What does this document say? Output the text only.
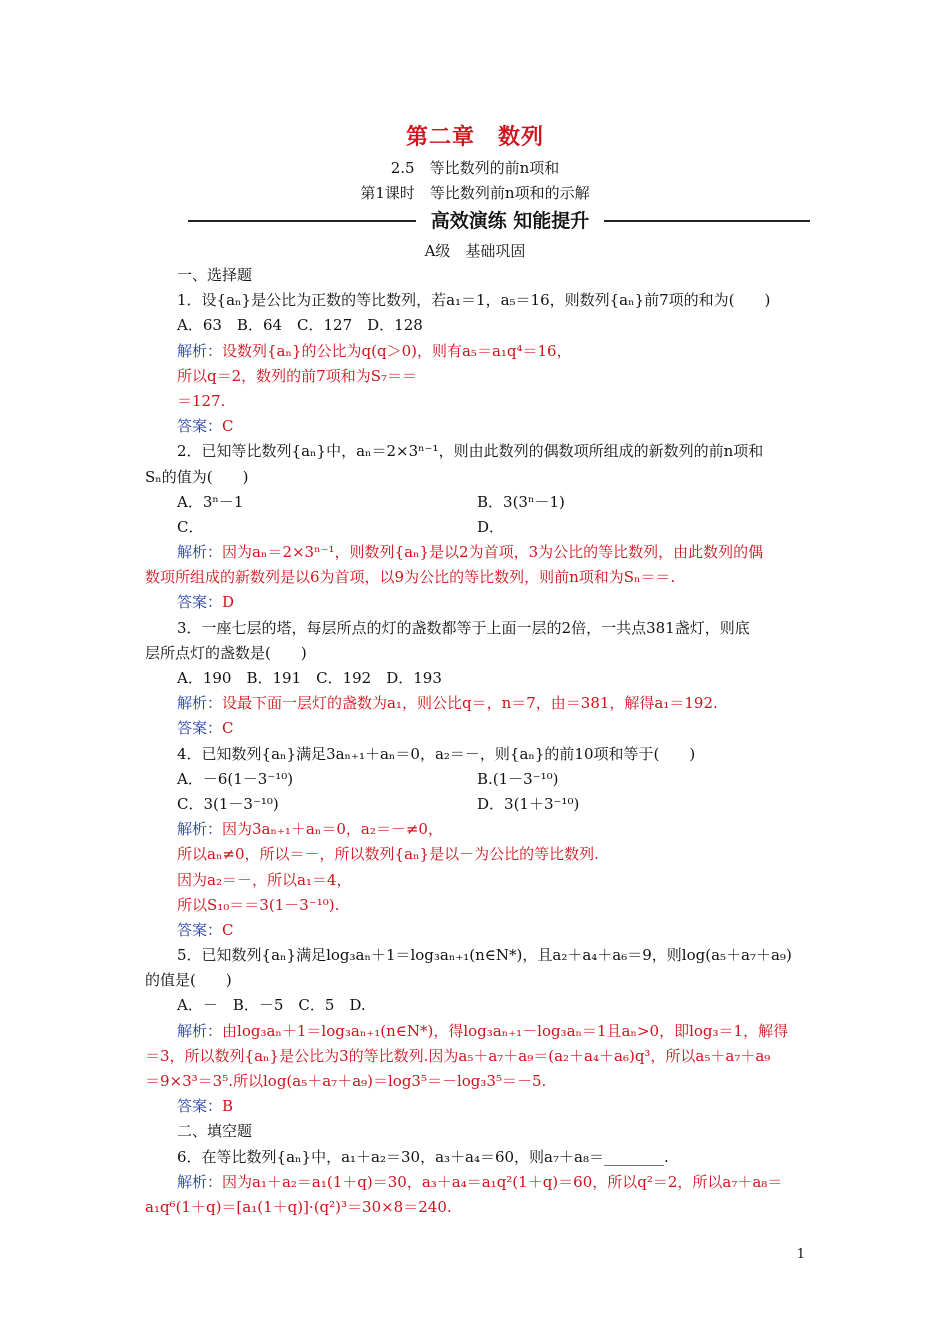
第二章　数列
2.5　等比数列的前n项和
第1课时　等比数列前n项和的示解
高效演练 知能提升
A级　基础巩固
一、选择题
1．设{aₙ}是公比为正数的等比数列，若a₁＝1，a₅＝16，则数列{aₙ}前7项的和为(　　)
A．63　B．64　C．127　D．128
解析：设数列{aₙ}的公比为q(q＞0)，则有a₅＝a₁q⁴＝16，
所以q＝2，数列的前7项和为S₇＝＝
＝127.
答案：C
2．已知等比数列{aₙ}中，aₙ＝2×3ⁿ⁻¹，则由此数列的偶数项所组成的新数列的前n项和
Sₙ的值为(　　)
A．3ⁿ－1	B．3(3ⁿ－1)
C．	D．
解析：因为aₙ＝2×3ⁿ⁻¹，则数列{aₙ}是以2为首项，3为公比的等比数列，由此数列的偶
数项所组成的新数列是以6为首项，以9为公比的等比数列，则前n项和为Sₙ＝＝.
答案：D
3．一座七层的塔，每层所点的灯的盏数都等于上面一层的2倍，一共点381盏灯，则底
层所点灯的盏数是(　　)
A．190　B．191　C．192　D．193
解析：设最下面一层灯的盏数为a₁，则公比q＝，n＝7，由＝381，解得a₁＝192.
答案：C
4．已知数列{aₙ}满足3aₙ₊₁＋aₙ＝0，a₂＝－，则{aₙ}的前10项和等于(　　)
A．－6(1－3⁻¹⁰)	B.(1－3⁻¹⁰)
C．3(1－3⁻¹⁰)	D．3(1＋3⁻¹⁰)
解析：因为3aₙ₊₁＋aₙ＝0，a₂＝－≠0，
所以aₙ≠0，所以＝－，所以数列{aₙ}是以－为公比的等比数列.
因为a₂＝－，所以a₁＝4，
所以S₁₀＝＝3(1－3⁻¹⁰).
答案：C
5．已知数列{aₙ}满足log₃aₙ＋1＝log₃aₙ₊₁(n∈N*)，且a₂＋a₄＋a₆＝9，则log(a₅＋a₇＋a₉)
的值是(　　)
A．－　B．－5　C．5　D.
解析：由log₃aₙ＋1＝log₃aₙ₊₁(n∈N*)，得log₃aₙ₊₁－log₃aₙ＝1且aₙ>0，即log₃＝1，解得
＝3，所以数列{aₙ}是公比为3的等比数列.因为a₅＋a₇＋a₉＝(a₂＋a₄＋a₆)q³，所以a₅＋a₇＋a₉
＝9×3³＝3⁵.所以log(a₅＋a₇＋a₉)＝log3⁵＝－log₃3⁵＝－5.
答案：B
二、填空题
6．在等比数列{aₙ}中，a₁＋a₂＝30，a₃＋a₄＝60，则a₇＋a₈＝________.
解析：因为a₁＋a₂＝a₁(1＋q)＝30，a₃＋a₄＝a₁q²(1＋q)＝60，所以q²＝2，所以a₇＋a₈＝
a₁q⁶(1＋q)＝[a₁(1＋q)]·(q²)³＝30×8＝240.
1
